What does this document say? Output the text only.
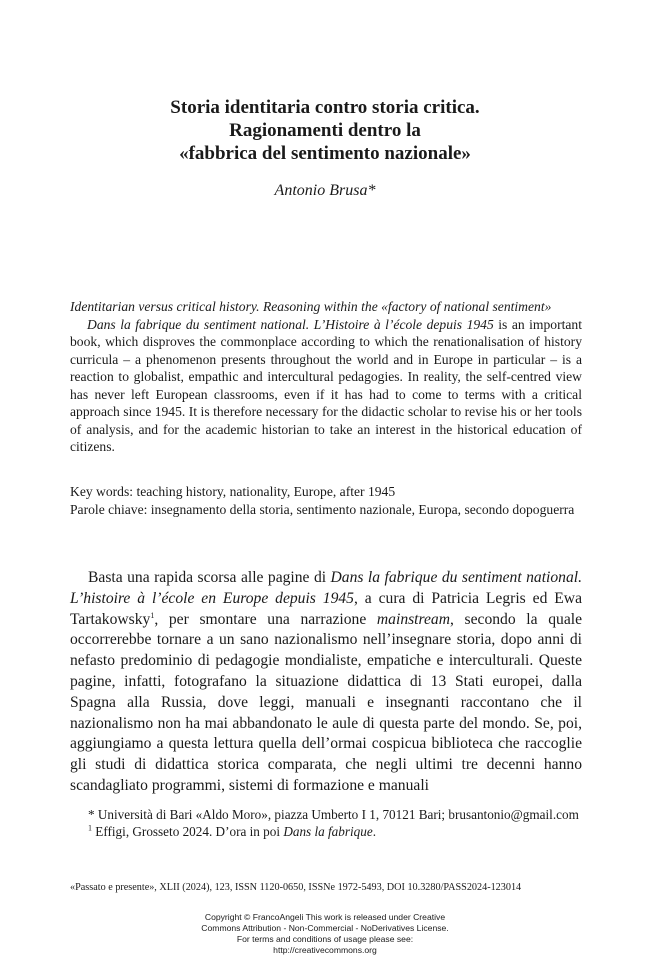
Storia identitaria contro storia critica.
Ragionamenti dentro la
«fabbrica del sentimento nazionale»
Antonio Brusa*
Identitarian versus critical history. Reasoning within the «factory of national sentiment»

Dans la fabrique du sentiment national. L’Histoire à l’école depuis 1945 is an important book, which disproves the commonplace according to which the renationalisation of history curricula – a phenomenon presents throughout the world and in Europe in particular – is a reaction to globalist, empathic and intercultural pedagogies. In reality, the self-centred view has never left European classrooms, even if it has had to come to terms with a critical approach since 1945. It is therefore necessary for the didactic scholar to revise his or her tools of analysis, and for the academic historian to take an interest in the historical education of citizens.

Key words: teaching history, nationality, Europe, after 1945
Parole chiave: insegnamento della storia, sentimento nazionale, Europa, secondo dopoguerra

Basta una rapida scorsa alle pagine di Dans la fabrique du sentiment national. L’histoire à l’école en Europe depuis 1945, a cura di Patricia Legris ed Ewa Tartakowsky$^1$, per smontare una narrazione mainstream, secondo la quale occorrerebbe tornare a un sano nazionalismo nell’insegnare storia, dopo anni di nefasto predominio di pedagogie mondialiste, empatiche e interculturali. Queste pagine, infatti, fotografano la situazione didattica di 13 Stati europei, dalla Spagna alla Russia, dove leggi, manuali e insegnanti raccontano che il nazionalismo non ha mai abbandonato le aule di questa parte del mondo. Se, poi, aggiungiamo a questa lettura quella dell’ormai cospicua biblioteca che raccoglie gli studi di didattica storica comparata, che negli ultimi tre decenni hanno scandagliato programmi, sistemi di formazione e manuali

* Università di Bari «Aldo Moro», piazza Umberto I 1, 70121 Bari; brusantonio@gmail.com

$^1$ Effigi, Grosseto 2024. D’ora in poi Dans la fabrique.

«Passato e presente», XLII (2024), 123, ISSN 1120-0650, ISSNe 1972-5493, DOI 10.3280/PASS2024-123014
Copyright © FrancoAngeli This work is released under Creative
Commons Attribution - Non-Commercial - NoDerivatives License.
For terms and conditions of usage please see:
http://creativecommons.org
